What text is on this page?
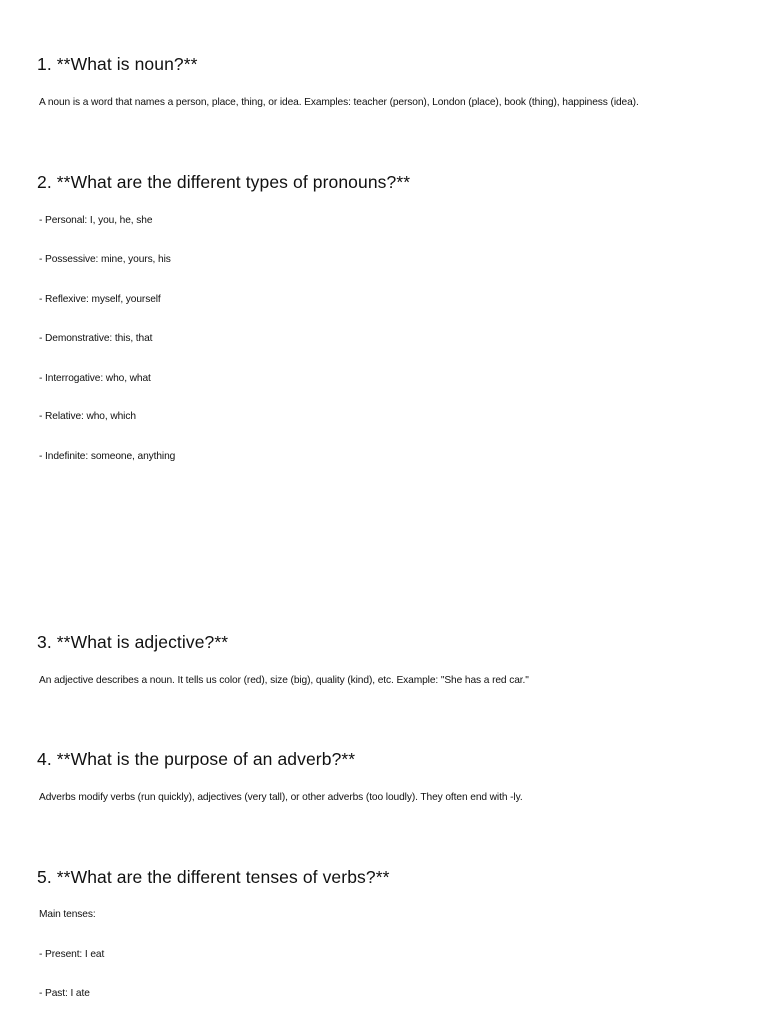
1. **What is noun?**

A noun is a word that names a person, place, thing, or idea. Examples: teacher (person), London (place), book (thing), happiness (idea).

2. **What are the different types of pronouns?**

- Personal: I, you, he, she

- Possessive: mine, yours, his

- Reflexive: myself, yourself

- Demonstrative: this, that

- Interrogative: who, what

- Relative: who, which

- Indefinite: someone, anything

3. **What is adjective?**

An adjective describes a noun. It tells us color (red), size (big), quality (kind), etc. Example: "She has a red car."

4. **What is the purpose of an adverb?**

Adverbs modify verbs (run quickly), adjectives (very tall), or other adverbs (too loudly). They often end with -ly.

5. **What are the different tenses of verbs?**

Main tenses:

- Present: I eat

- Past: I ate
